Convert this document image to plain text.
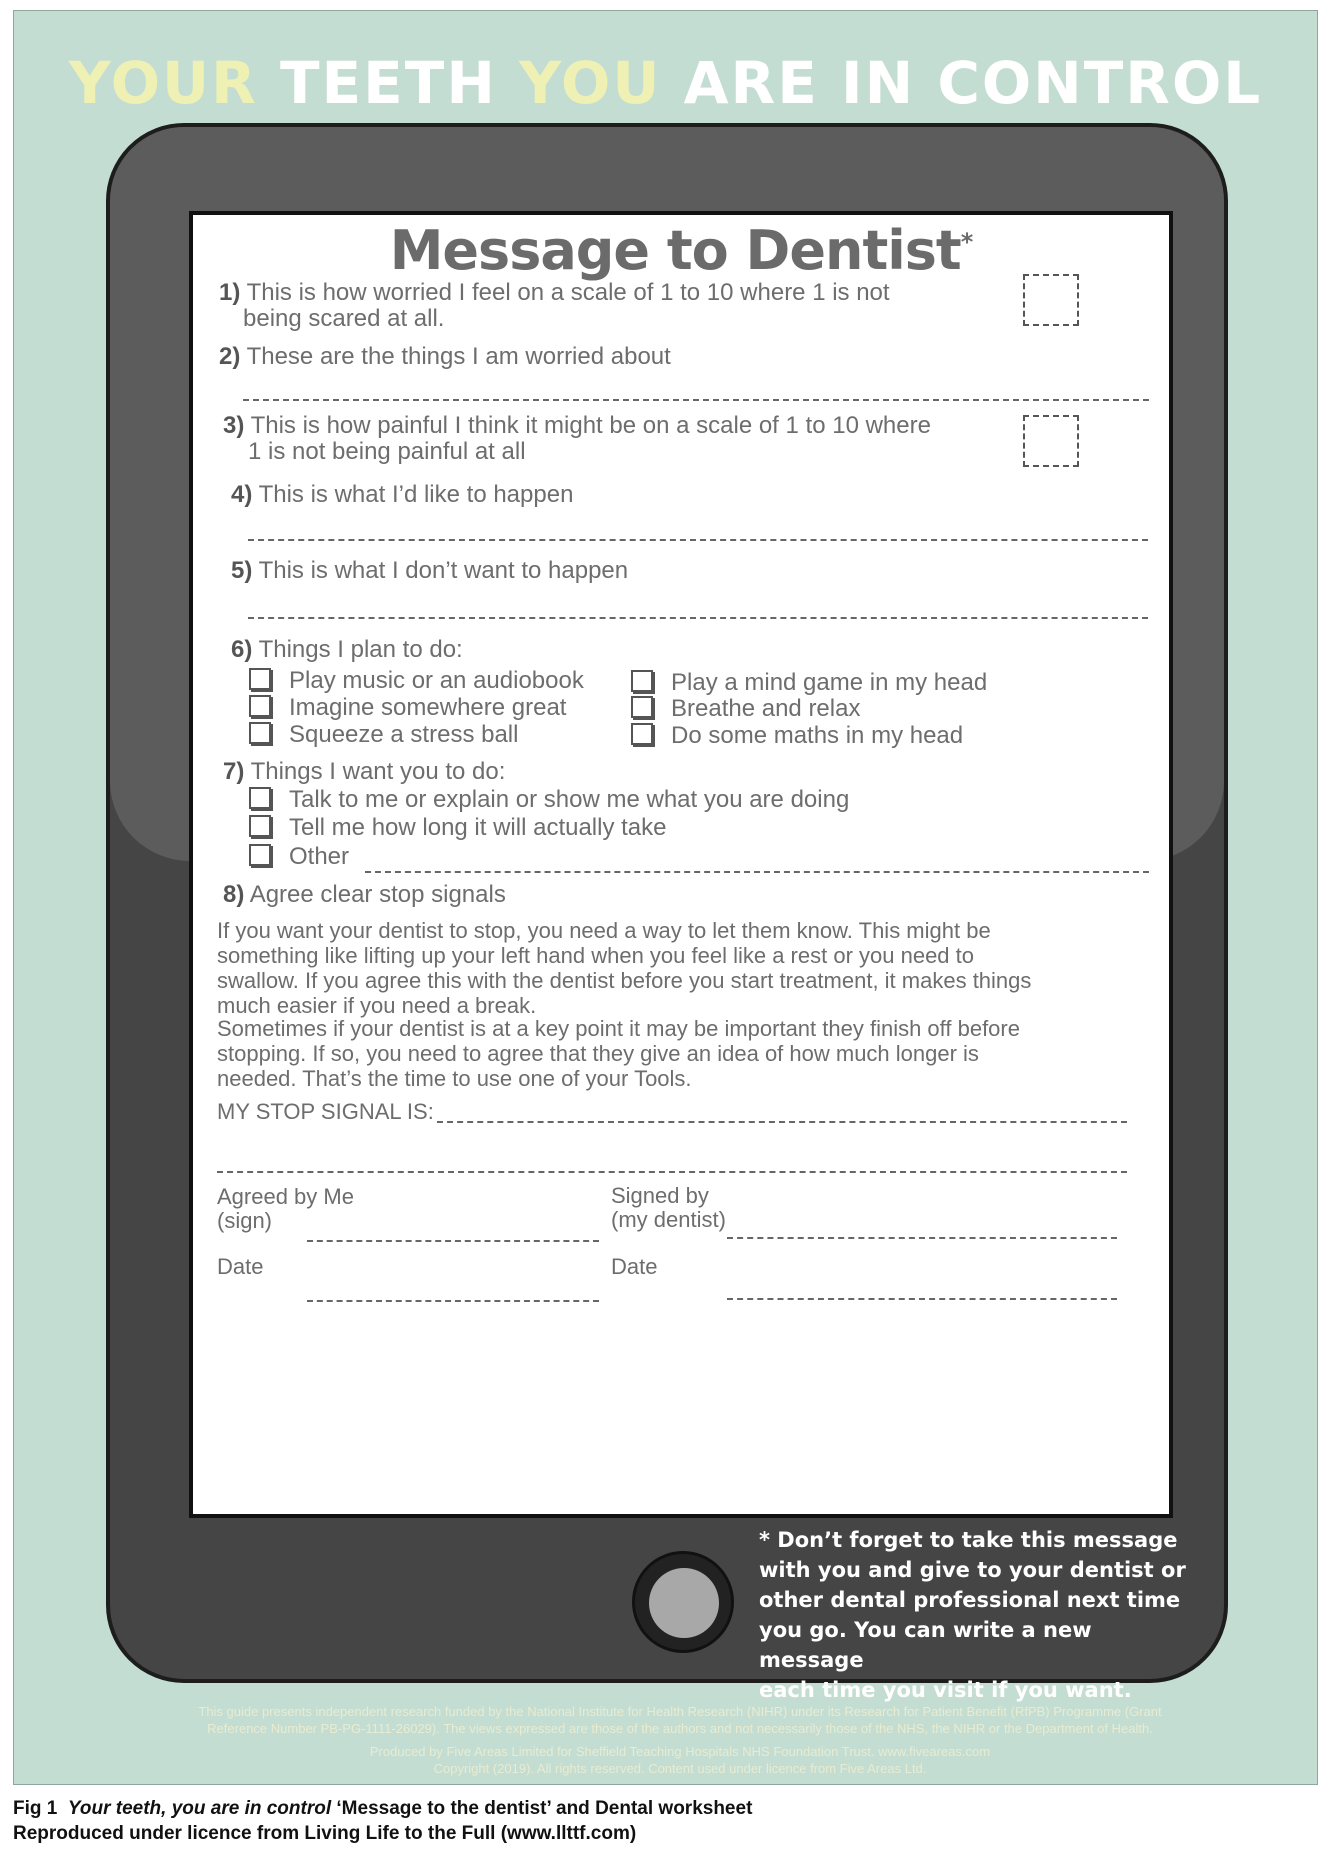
YOUR TEETH YOU ARE IN CONTROL
* Don’t forget to take this message
with you and give to your dentist or
other dental professional next time
you go. You can write a new message
each time you visit if you want.
Message to Dentist*
1) This is how worried I feel on a scale of 1 to 10 where 1 is not
being scared at all.
2) These are the things I am worried about
3) This is how painful I think it might be on a scale of 1 to 10 where
1 is not being painful at all
4) This is what I’d like to happen
5) This is what I don’t want to happen
6) Things I plan to do:
Play music or an audiobook
Imagine somewhere great
Squeeze a stress ball
Play a mind game in my head
Breathe and relax
Do some maths in my head
7) Things I want you to do:
Talk to me or explain or show me what you are doing
Tell me how long it will actually take
Other
8) Agree clear stop signals
If you want your dentist to stop, you need a way to let them know. This might be
something like lifting up your left hand when you feel like a rest or you need to
swallow. If you agree this with the dentist before you start treatment, it makes things
much easier if you need a break.
Sometimes if your dentist is at a key point it may be important they finish off before
stopping. If so, you need to agree that they give an idea of how much longer is
needed. That’s the time to use one of your Tools.
MY STOP SIGNAL IS:
Agreed by Me
(sign)
Signed by
(my dentist)
Date	Date
This guide presents independent research funded by the National Institute for Health Research (NIHR) under its Research for Patient Benefit (RfPB) Programme (Grant
Reference Number PB-PG-1111-26029). The views expressed are those of the authors and not necessarily those of the NHS, the NIHR or the Department of Health.
Produced by Five Areas Limited for Sheffield Teaching Hospitals NHS Foundation Trust. www.fiveareas.com
Copyright (2019). All rights reserved. Content used under licence from Five Areas Ltd.
Fig 1 Your teeth, you are in control ‘Message to the dentist’ and Dental worksheet
Reproduced under licence from Living Life to the Full (www.llttf.com)
